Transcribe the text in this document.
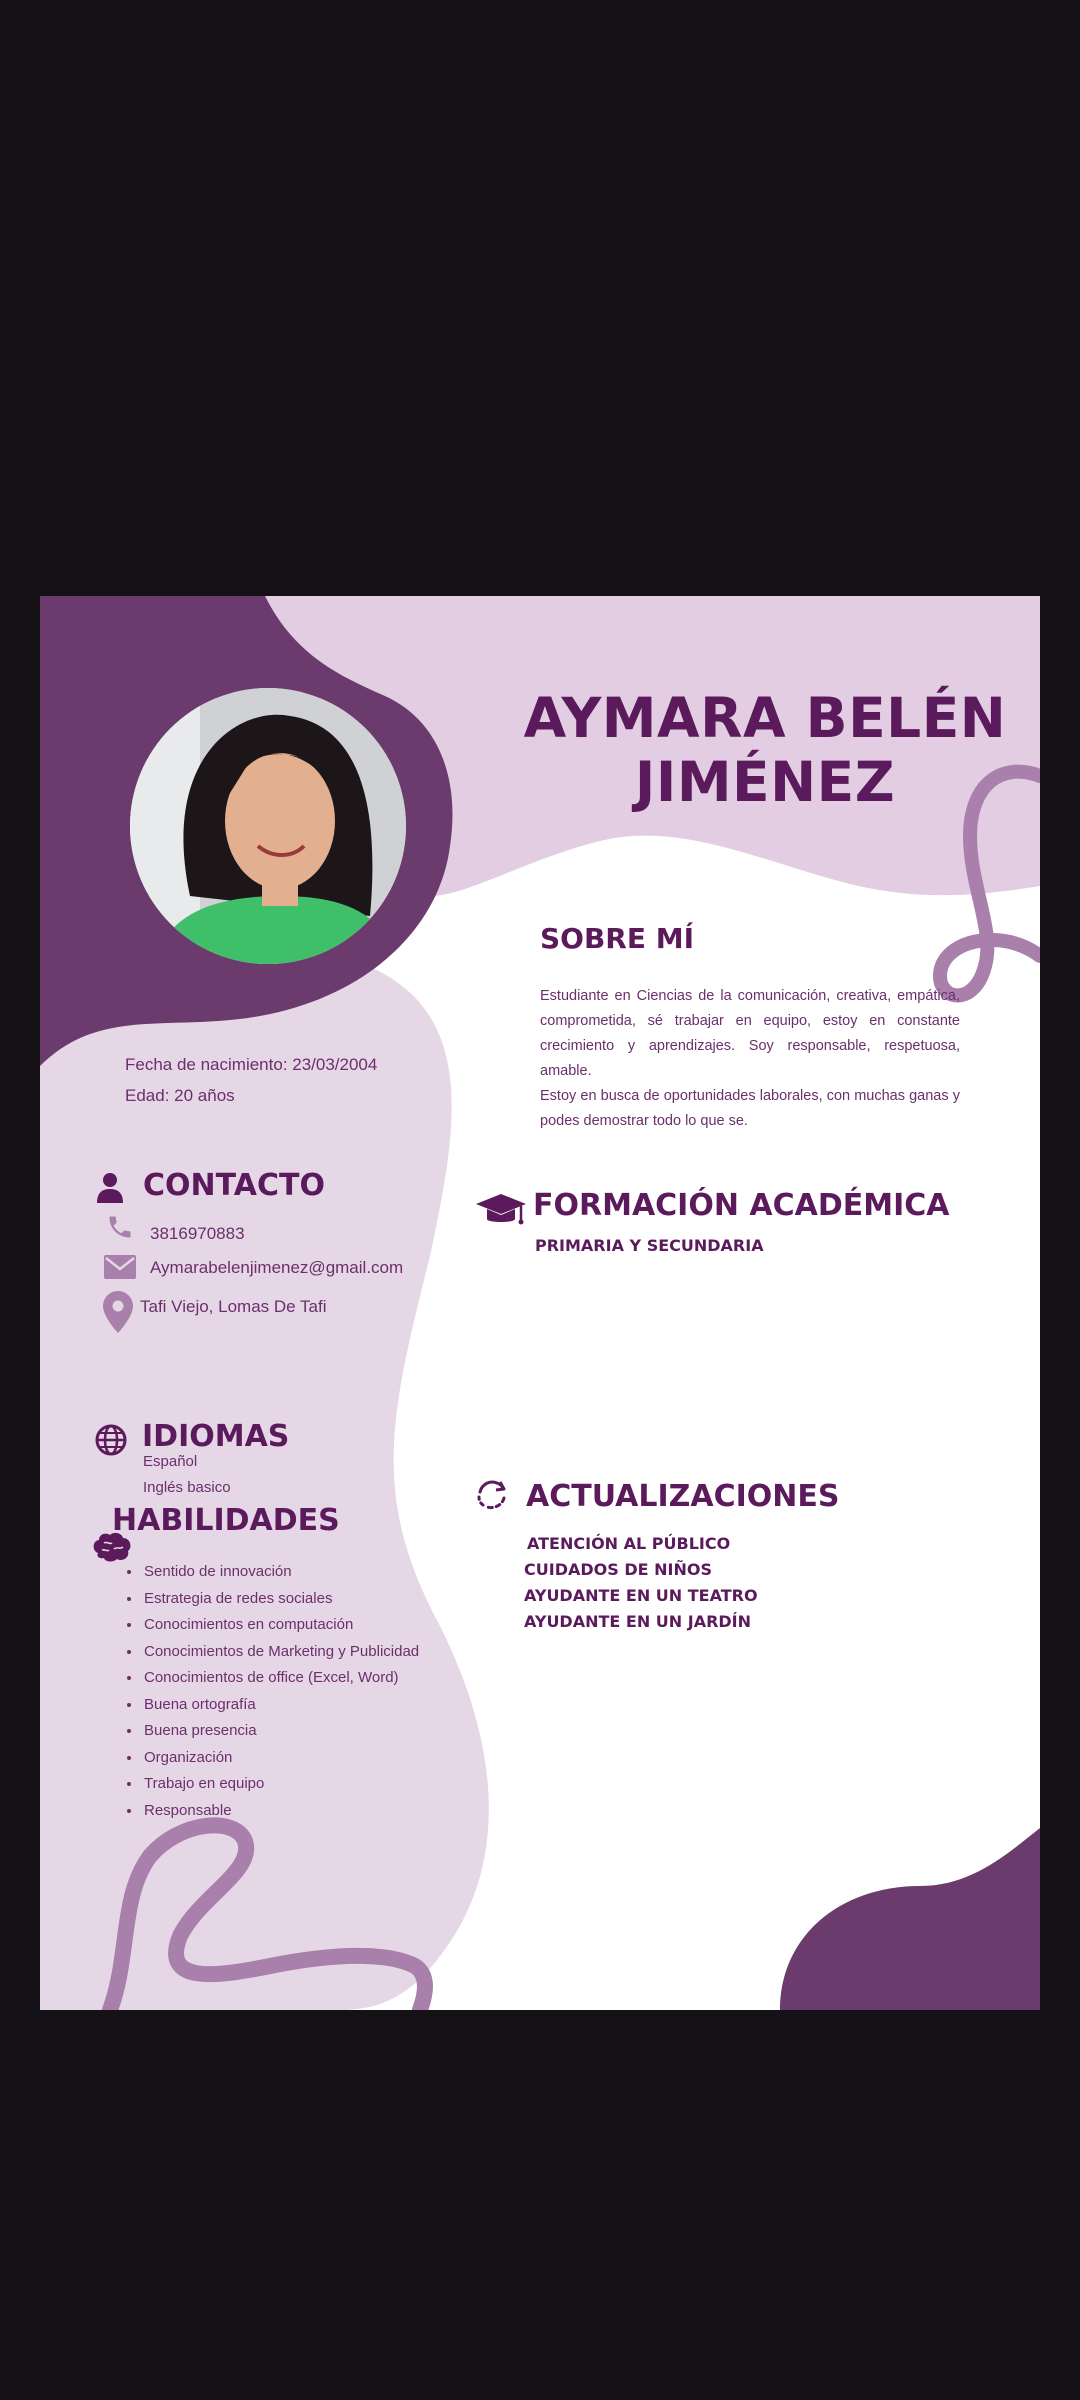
AYMARA BELÉN
JIMÉNEZ
SOBRE MÍ

Estudiante en Ciencias de la comunicación, creativa, empática, comprometida, sé trabajar en equipo, estoy en constante crecimiento y aprendizajes. Soy responsable, respetuosa, amable.

Estoy en busca de oportunidades laborales, con muchas ganas y podes demostrar todo lo que se.

Fecha de nacimiento: 23/03/2004
Edad: 20 años
CONTACTO
3816970883
Aymarabelenjimenez@gmail.com
Tafi Viejo, Lomas De Tafi
IDIOMAS
Español
Inglés basico
HABILIDADES
• Sentido de innovación
• Estrategia de redes sociales
• Conocimientos en computación
• Conocimientos de Marketing y Publicidad
• Conocimientos de office (Excel, Word)
• Buena ortografía
• Buena presencia
• Organización
• Trabajo en equipo
• Responsable
FORMACIÓN ACADÉMICA
PRIMARIA Y SECUNDARIA
ACTUALIZACIONES
ATENCIÓN AL PÚBLICO
CUIDADOS DE NIÑOS
AYUDANTE EN UN TEATRO
AYUDANTE EN UN JARDÍN
